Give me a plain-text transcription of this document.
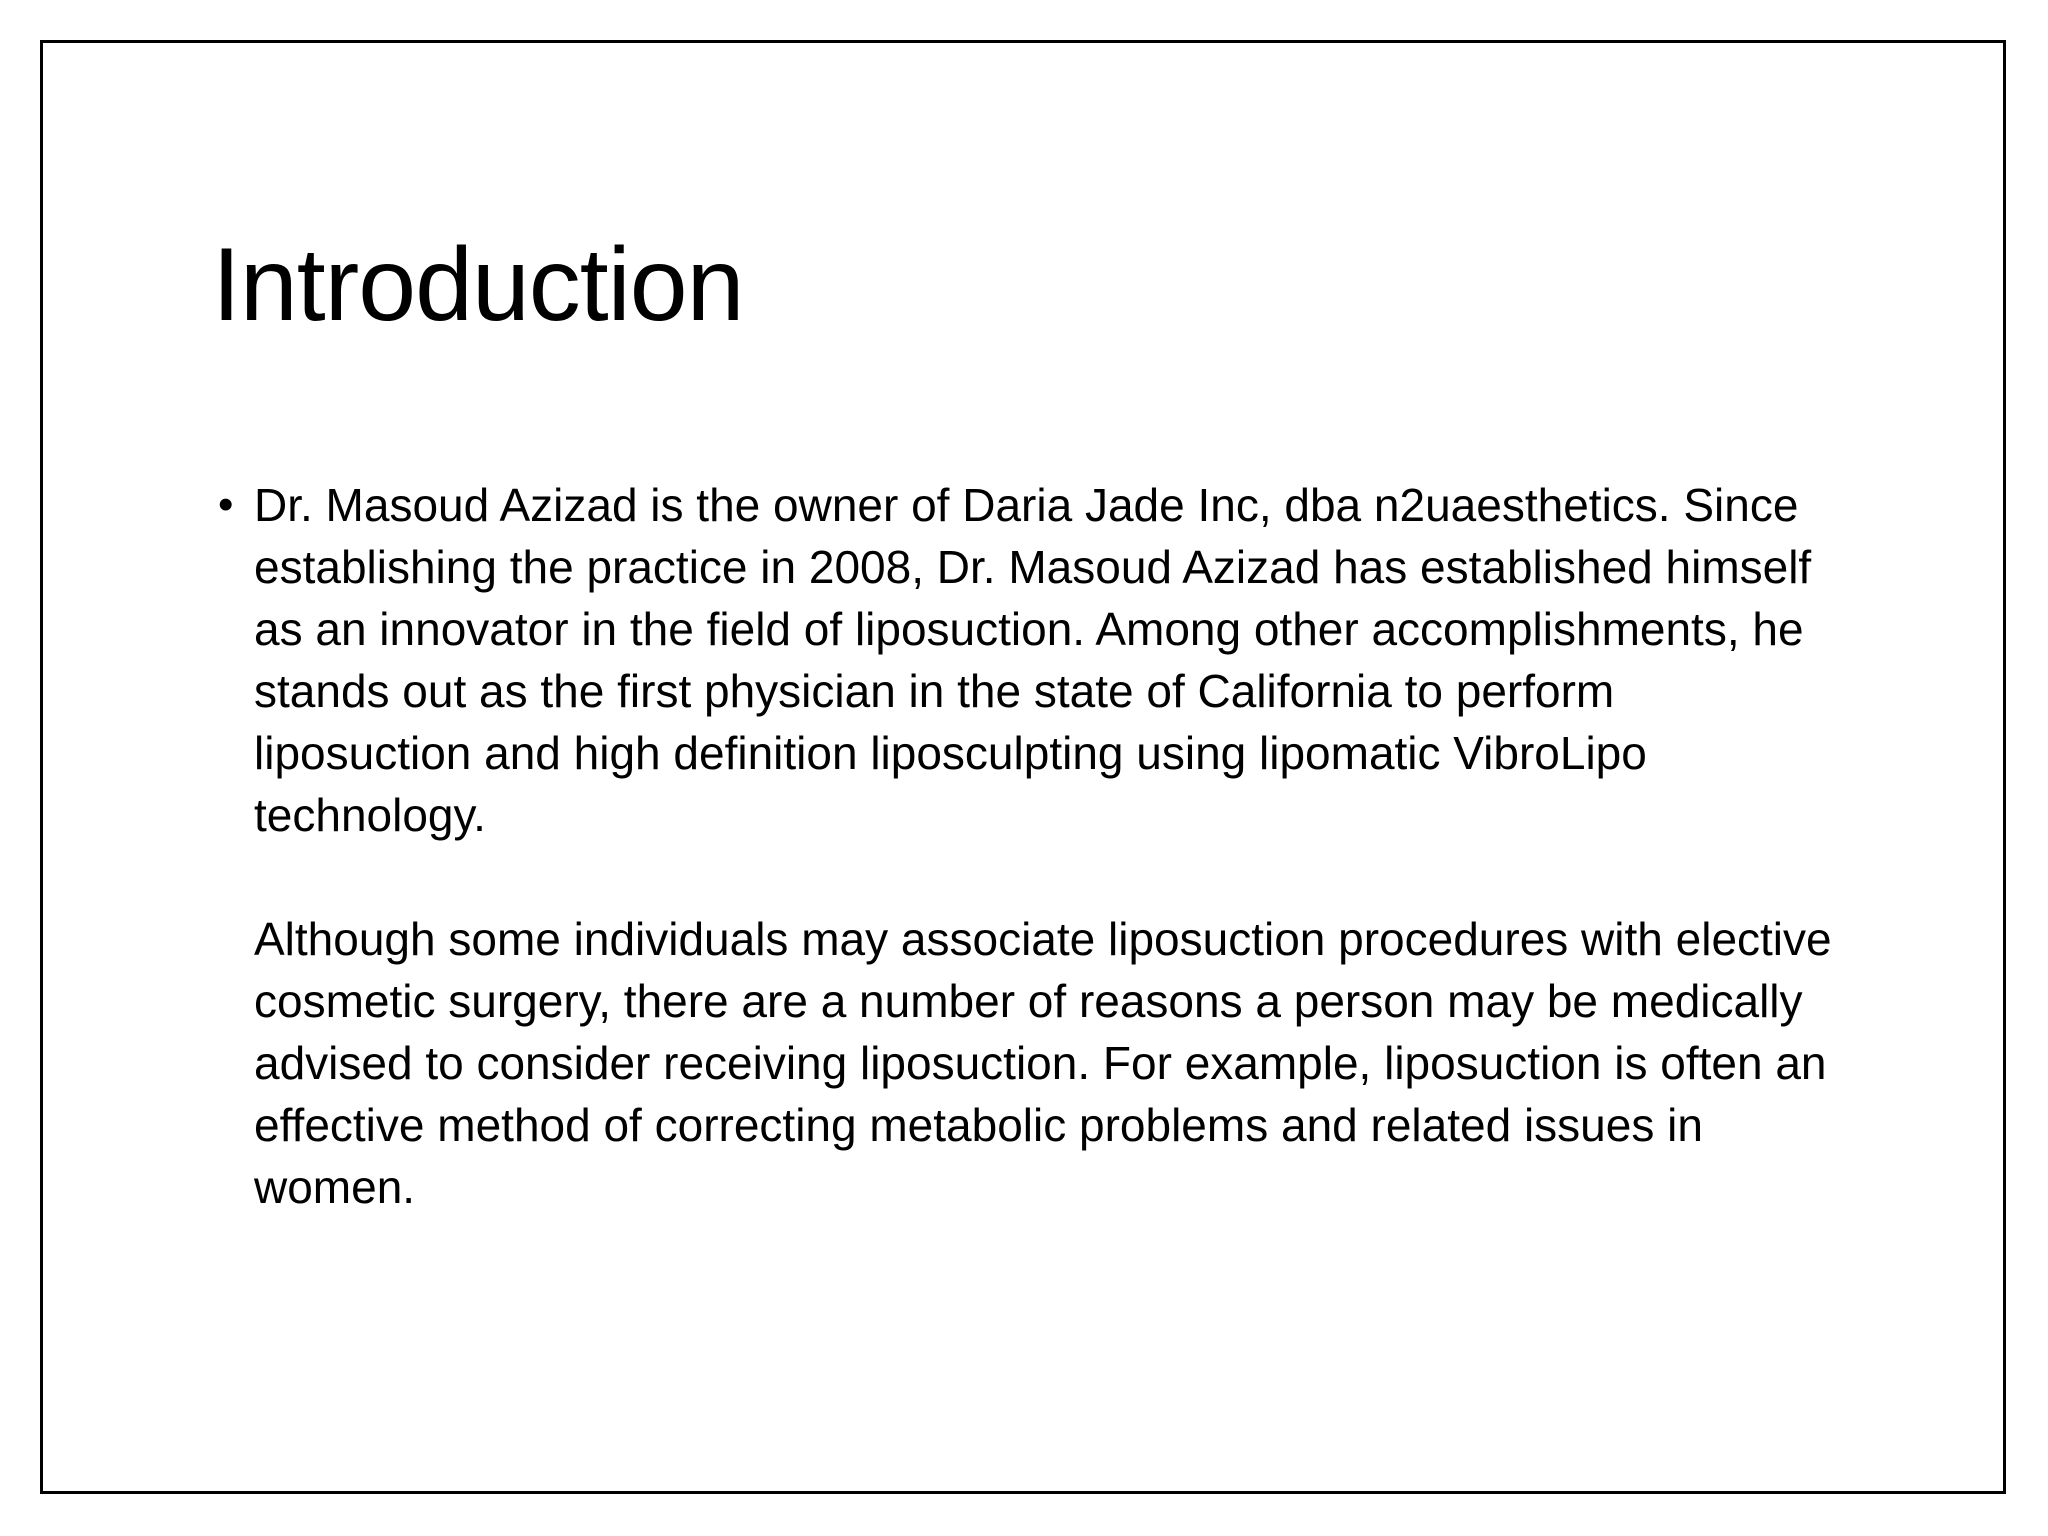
Introduction
• Dr. Masoud Azizad is the owner of Daria Jade Inc, dba n2uaesthetics. Since establishing the practice in 2008, Dr. Masoud Azizad has established himself as an innovator in the field of liposuction. Among other accomplishments, he stands out as the first physician in the state of California to perform liposuction and high definition liposculpting using lipomatic VibroLipo technology.

Although some individuals may associate liposuction procedures with elective cosmetic surgery, there are a number of reasons a person may be medically advised to consider receiving liposuction. For example, liposuction is often an effective method of correcting metabolic problems and related issues in women.
